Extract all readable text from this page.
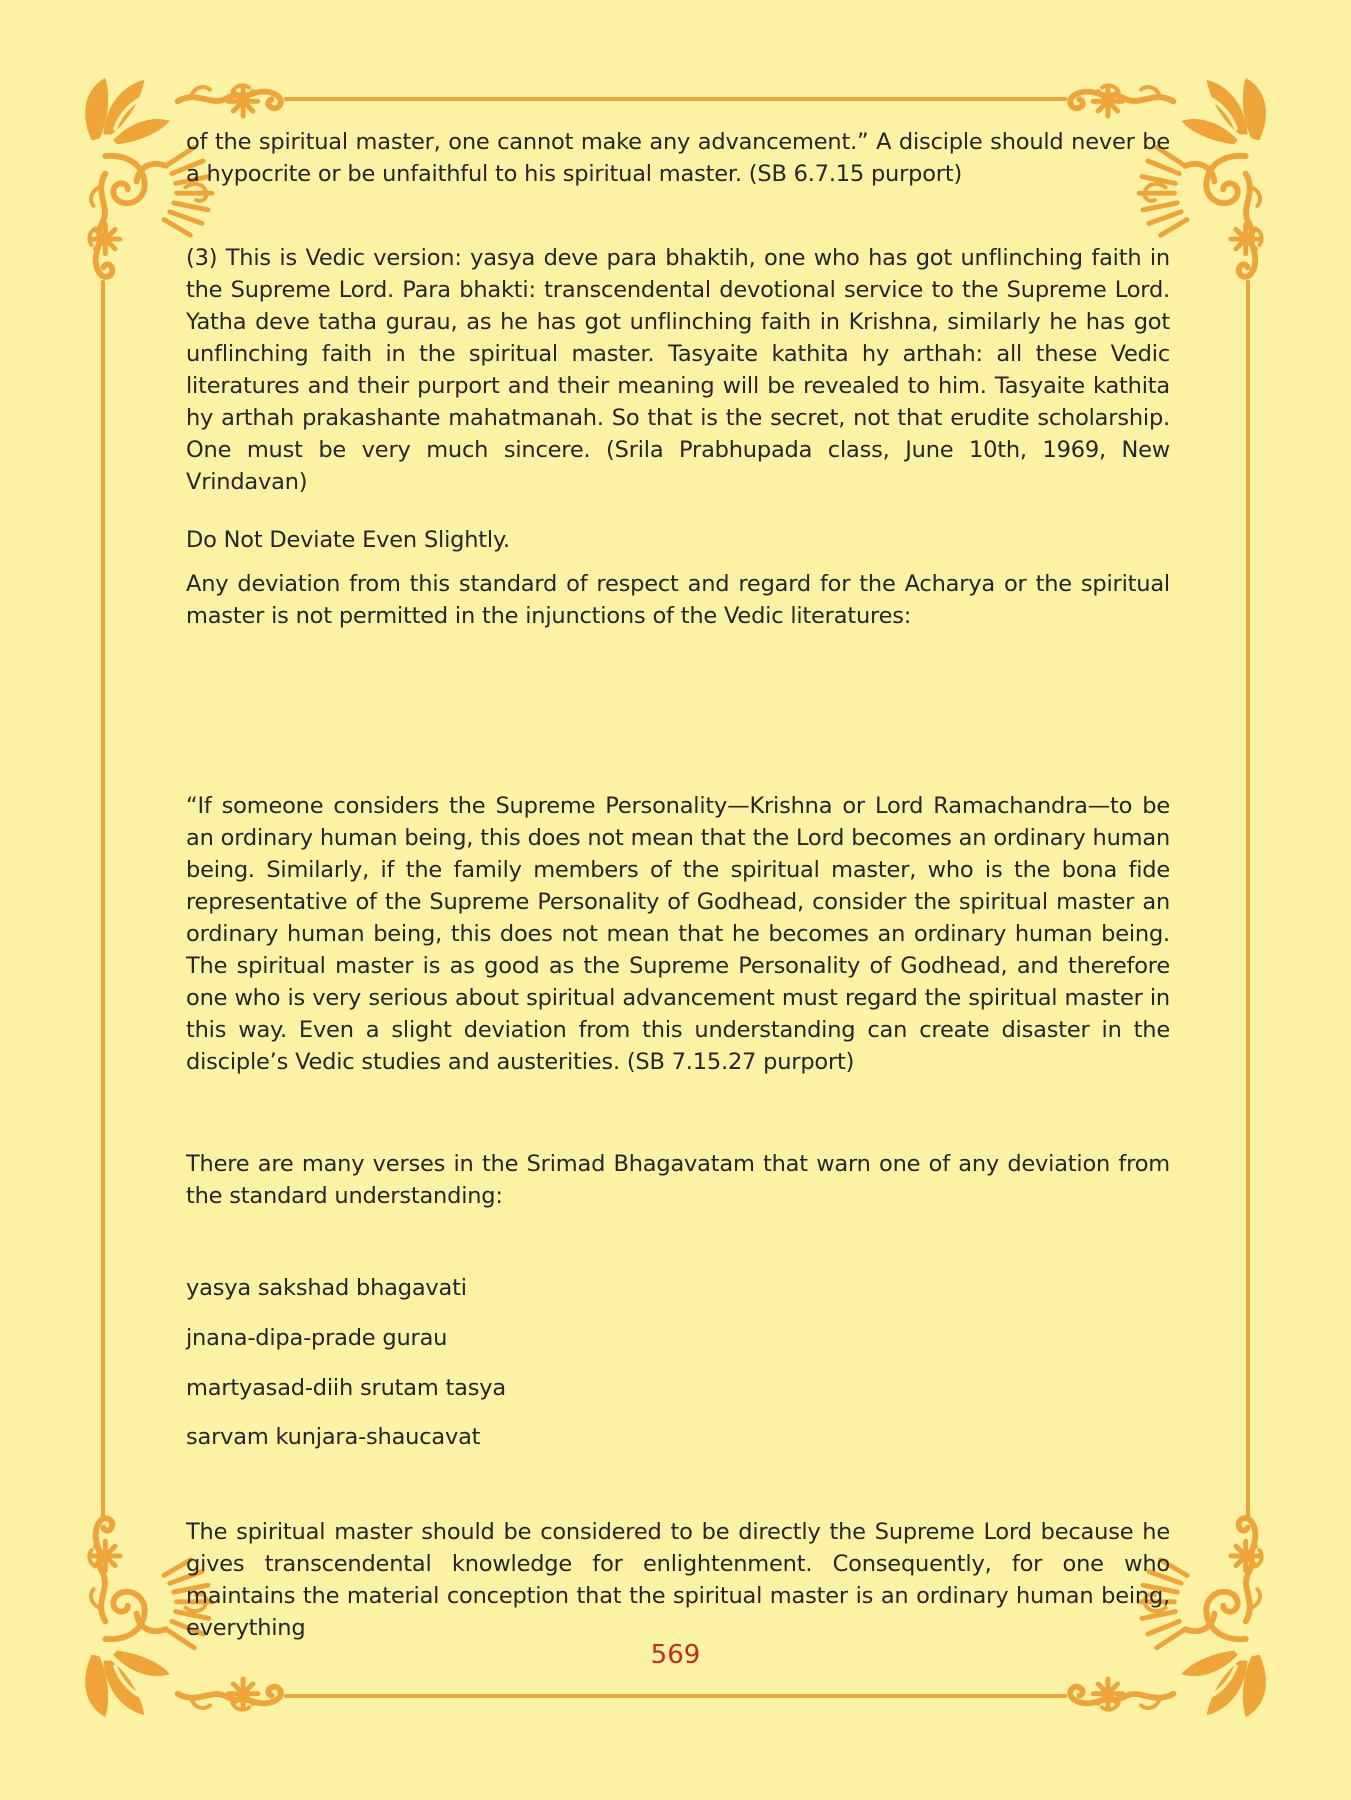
of the spiritual master, one cannot make any advancement.” A disciple should never be a hypocrite or be unfaithful to his spiritual master. (SB 6.7.15 purport)

(3) This is Vedic version: yasya deve para bhaktih, one who has got unflinching faith in the Supreme Lord. Para bhakti: transcendental devotional service to the Supreme Lord. Yatha deve tatha gurau, as he has got unflinching faith in Krishna, similarly he has got unflinching faith in the spiritual master. Tasyaite kathita hy arthah: all these Vedic literatures and their purport and their meaning will be revealed to him. Tasyaite kathita hy arthah prakashante mahatmanah. So that is the secret, not that erudite scholarship. One must be very much sincere. (Srila Prabhupada class, June 10th, 1969, New Vrindavan)

Do Not Deviate Even Slightly.

Any deviation from this standard of respect and regard for the Acharya or the spiritual master is not permitted in the injunctions of the Vedic literatures:

“If someone considers the Supreme Personality—Krishna or Lord Ramachandra—to be an ordinary human being, this does not mean that the Lord becomes an ordinary human being. Similarly, if the family members of the spiritual master, who is the bona fide representative of the Supreme Personality of Godhead, consider the spiritual master an ordinary human being, this does not mean that he becomes an ordinary human being. The spiritual master is as good as the Supreme Personality of Godhead, and therefore one who is very serious about spiritual advancement must regard the spiritual master in this way. Even a slight deviation from this understanding can create disaster in the disciple’s Vedic studies and austerities. (SB 7.15.27 purport)

There are many verses in the Srimad Bhagavatam that warn one of any deviation from the standard understanding:

yasya sakshad bhagavati

jnana-dipa-prade gurau

martyasad-diih srutam tasya

sarvam kunjara-shaucavat

The spiritual master should be considered to be directly the Supreme Lord because he gives transcendental knowledge for enlightenment. Consequently, for one who maintains the material conception that the spiritual master is an ordinary human being, everything

569
